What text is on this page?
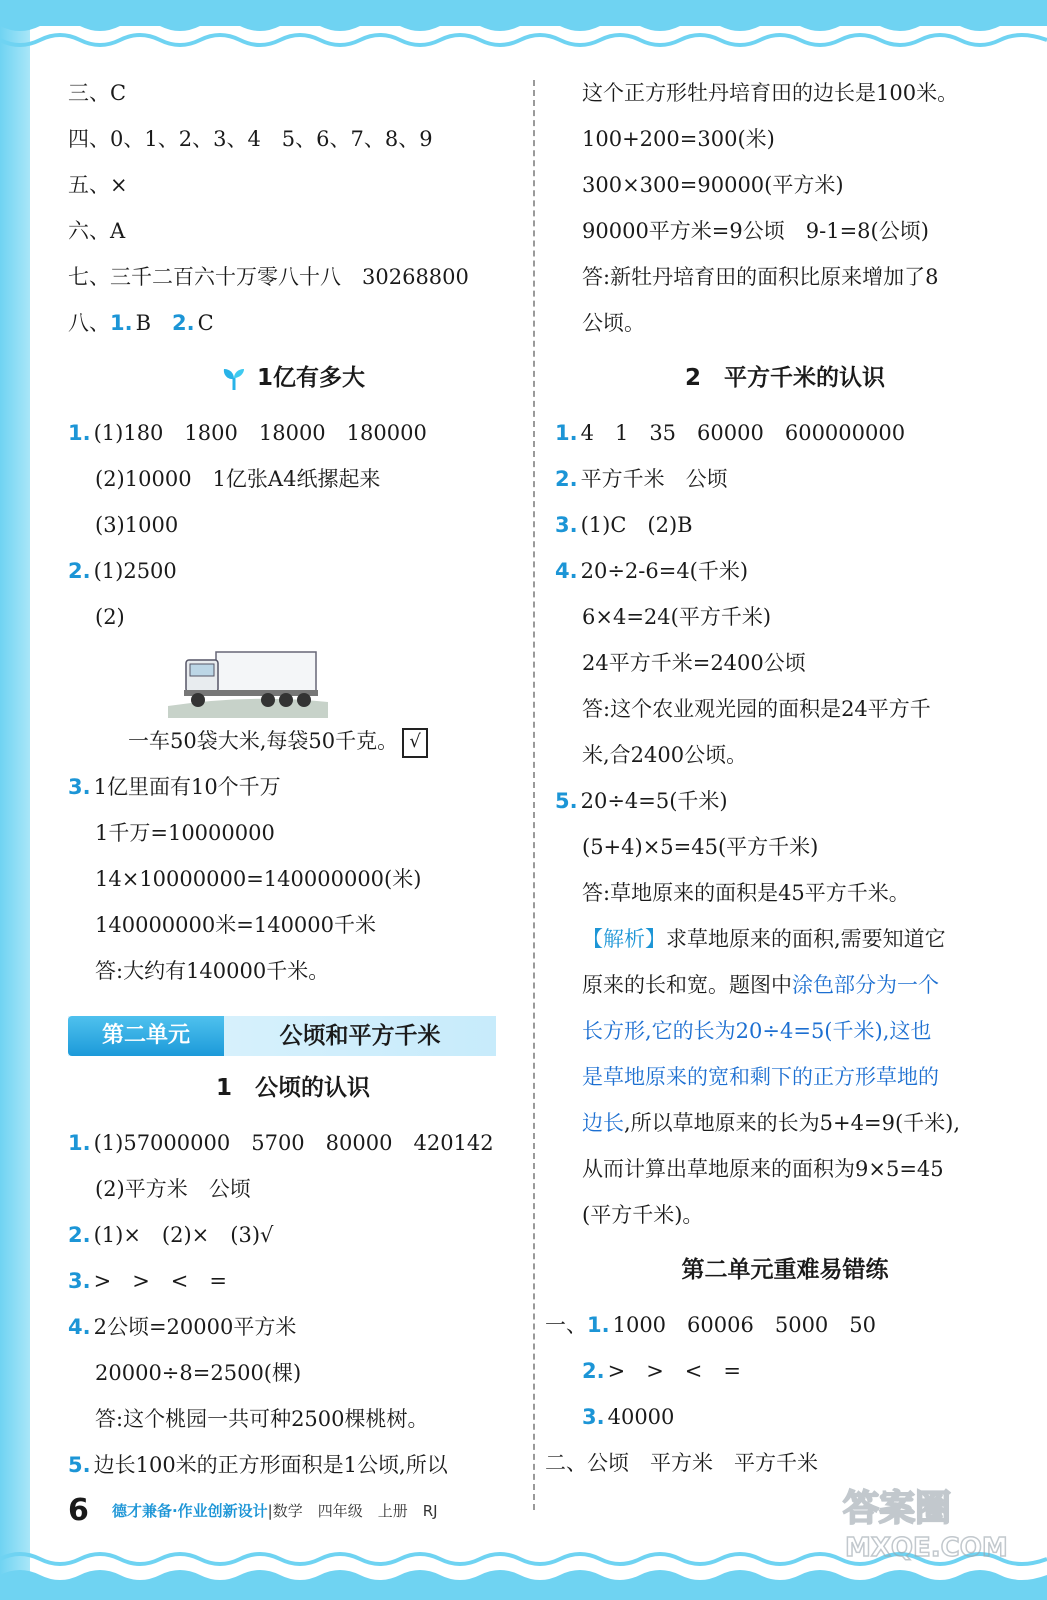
三、C
四、0、1、2、3、4　5、6、7、8、9
五、×
六、A
七、三千二百六十万零八十八　30268800
八、1. B　 2. C
1亿有多大
1. (1)180　1800　18000　180000
(2)10000　1亿张A4纸摞起来
(3)1000
2. (1)2500
(2)
一车50袋大米,每袋50千克。 √
3. 1亿里面有10个千万
1千万=10000000
14×10000000=140000000(米)
140000000米=140000千米
答:大约有140000千米。
第二单元	公顷和平方千米
1　公顷的认识
1. (1)57000000　5700　80000　420142
(2)平方米　公顷
2. (1)×　(2)×　(3)√
3. >　>　<　=
4. 2公顷=20000平方米
20000÷8=2500(棵)
答:这个桃园一共可种2500棵桃树。
5. 边长100米的正方形面积是1公顷,所以
这个正方形牡丹培育田的边长是100米。
100+200=300(米)
300×300=90000(平方米)
90000平方米=9公顷　9-1=8(公顷)
答:新牡丹培育田的面积比原来增加了8
公顷。
2　平方千米的认识
1. 4　1　35　60000　600000000
2. 平方千米　公顷
3. (1)C　(2)B
4. 20÷2-6=4(千米)
6×4=24(平方千米)
24平方千米=2400公顷
答:这个农业观光园的面积是24平方千
米,合2400公顷。
5. 20÷4=5(千米)
(5+4)×5=45(平方千米)
答:草地原来的面积是45平方千米。
【解析】求草地原来的面积,需要知道它
原来的长和宽。题图中涂色部分为一个
长方形,它的长为20÷4=5(千米),这也
是草地原来的宽和剩下的正方形草地的
边长,所以草地原来的长为5+4=9(千米),
从而计算出草地原来的面积为9×5=45
(平方千米)。
第二单元重难易错练
一、1. 1000　60006　5000　50
2. >　>　<　=
3. 40000
二、公顷　平方米　平方千米
6 德才兼备·作业创新设计|数学　四年级　上册　RJ	答案圈
MXQE.COM
